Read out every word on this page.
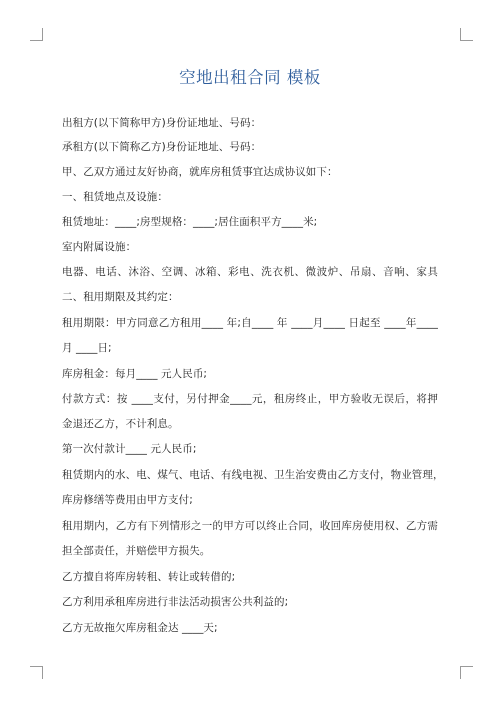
空地出租合同 模板
出租方(以下简称甲方)身份证地址、号码：
承租方(以下简称乙方)身份证地址、号码：
甲、乙双方通过友好协商，就库房租赁事宜达成协议如下：
一、租赁地点及设施：
租赁地址：____;房型规格：____;居住面积平方____米;
室内附属设施：
电器、电话、沐浴、空调、冰箱、彩电、洗衣机、微波炉、吊扇、音响、家具
二、租用期限及其约定：
租用期限：甲方同意乙方租用____ 年;自____ 年 ____月____ 日起至 ____年____
月 ____日;
库房租金：每月____ 元人民币;
付款方式：按 ____支付，另付押金____元，租房终止，甲方验收无误后，将押
金退还乙方，不计利息。
第一次付款计____ 元人民币;
租赁期内的水、电、煤气、电话、有线电视、卫生治安费由乙方支付，物业管理，
库房修缮等费用由甲方支付;
租用期内，乙方有下列情形之一的甲方可以终止合同，收回库房使用权、乙方需
担全部责任，并赔偿甲方损失。
乙方擅自将库房转租、转让或转借的;
乙方利用承租库房进行非法活动损害公共利益的;
乙方无故拖欠库房租金达 ____天;
